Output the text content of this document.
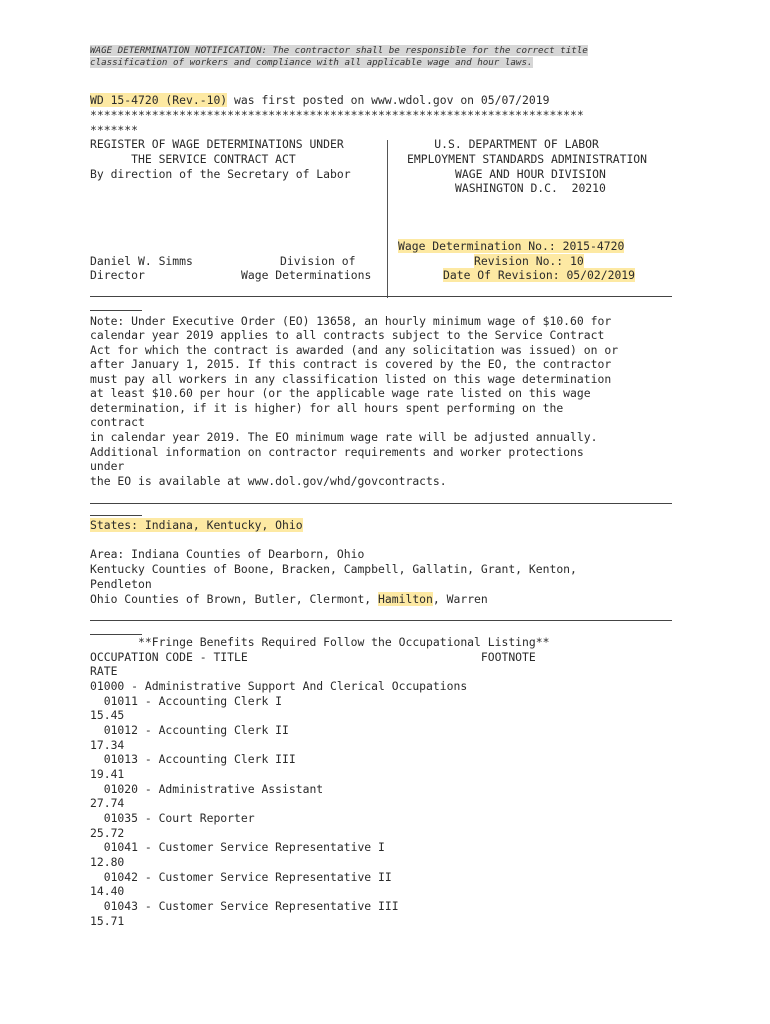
WAGE DETERMINATION NOTIFICATION: The contractor shall be responsible for the correct title
classification of workers and compliance with all applicable wage and hour laws.
WD 15-4720 (Rev.-10) was first posted on www.wdol.gov on 05/07/2019
************************************************************************
*******
REGISTER OF WAGE DETERMINATIONS UNDER
THE SERVICE CONTRACT ACT
By direction of the Secretary of Labor
U.S. DEPARTMENT OF LABOR
EMPLOYMENT STANDARDS ADMINISTRATION
WAGE AND HOUR DIVISION
WASHINGTON D.C.  20210
Wage Determination No.: 2015-4720
Revision No.: 10
Date Of Revision: 05/02/2019
Daniel W. Simms	Division of
Director	Wage Determinations
Note: Under Executive Order (EO) 13658, an hourly minimum wage of $10.60 for
calendar year 2019 applies to all contracts subject to the Service Contract
Act for which the contract is awarded (and any solicitation was issued) on or
after January 1, 2015. If this contract is covered by the EO, the contractor
must pay all workers in any classification listed on this wage determination
at least $10.60 per hour (or the applicable wage rate listed on this wage
determination, if it is higher) for all hours spent performing on the
contract
in calendar year 2019. The EO minimum wage rate will be adjusted annually.
Additional information on contractor requirements and worker protections
under
the EO is available at www.dol.gov/whd/govcontracts.
States: Indiana, Kentucky, Ohio
Area: Indiana Counties of Dearborn, Ohio
Kentucky Counties of Boone, Bracken, Campbell, Gallatin, Grant, Kenton,
Pendleton
Ohio Counties of Brown, Butler, Clermont, Hamilton, Warren
**Fringe Benefits Required Follow the Occupational Listing**
OCCUPATION CODE - TITLE                                  FOOTNOTE
RATE
01000 - Administrative Support And Clerical Occupations
01011 - Accounting Clerk I
15.45
01012 - Accounting Clerk II
17.34
01013 - Accounting Clerk III
19.41
01020 - Administrative Assistant
27.74
01035 - Court Reporter
25.72
01041 - Customer Service Representative I
12.80
01042 - Customer Service Representative II
14.40
01043 - Customer Service Representative III
15.71
